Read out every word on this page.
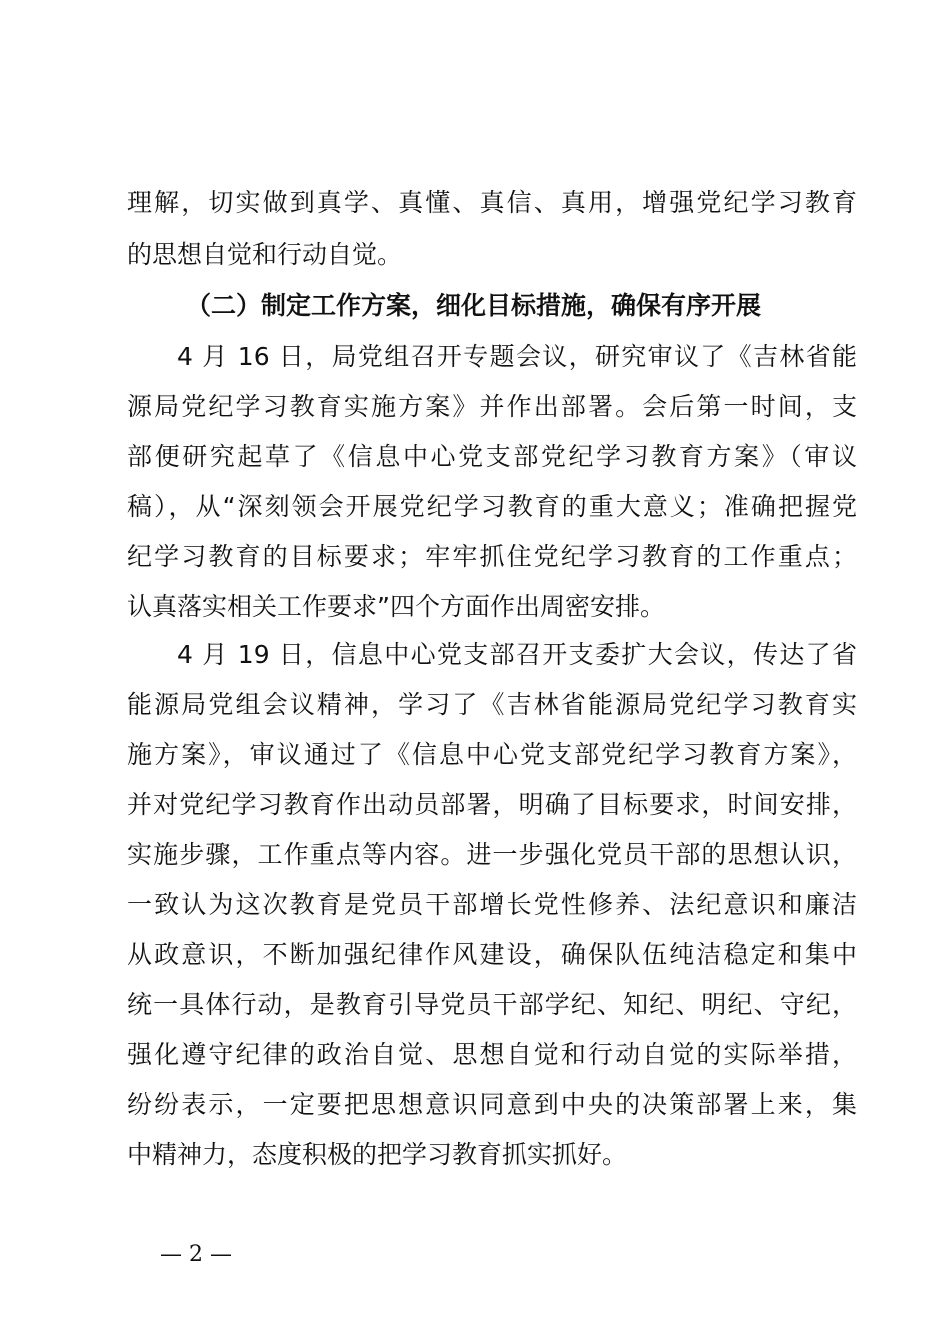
理解，切实做到真学、真懂、真信、真用，增强党纪学习教育
的思想自觉和行动自觉。
（二）制定工作方案，细化目标措施，确保有序开展
4 月 16 日，局党组召开专题会议，研究审议了《吉林省能
源局党纪学习教育实施方案》并作出部署。会后第一时间，支
部便研究起草了《信息中心党支部党纪学习教育方案》（审议
稿），从“深刻领会开展党纪学习教育的重大意义；准确把握党
纪学习教育的目标要求；牢牢抓住党纪学习教育的工作重点；
认真落实相关工作要求”四个方面作出周密安排。
4 月 19 日，信息中心党支部召开支委扩大会议，传达了省
能源局党组会议精神，学习了《吉林省能源局党纪学习教育实
施方案》，审议通过了《信息中心党支部党纪学习教育方案》，
并对党纪学习教育作出动员部署，明确了目标要求，时间安排，
实施步骤，工作重点等内容。进一步强化党员干部的思想认识，
一致认为这次教育是党员干部增长党性修养、法纪意识和廉洁
从政意识，不断加强纪律作风建设，确保队伍纯洁稳定和集中
统一具体行动，是教育引导党员干部学纪、知纪、明纪、守纪，
强化遵守纪律的政治自觉、思想自觉和行动自觉的实际举措，
纷纷表示，一定要把思想意识同意到中央的决策部署上来，集
中精神力，态度积极的把学习教育抓实抓好。
— 2 —
